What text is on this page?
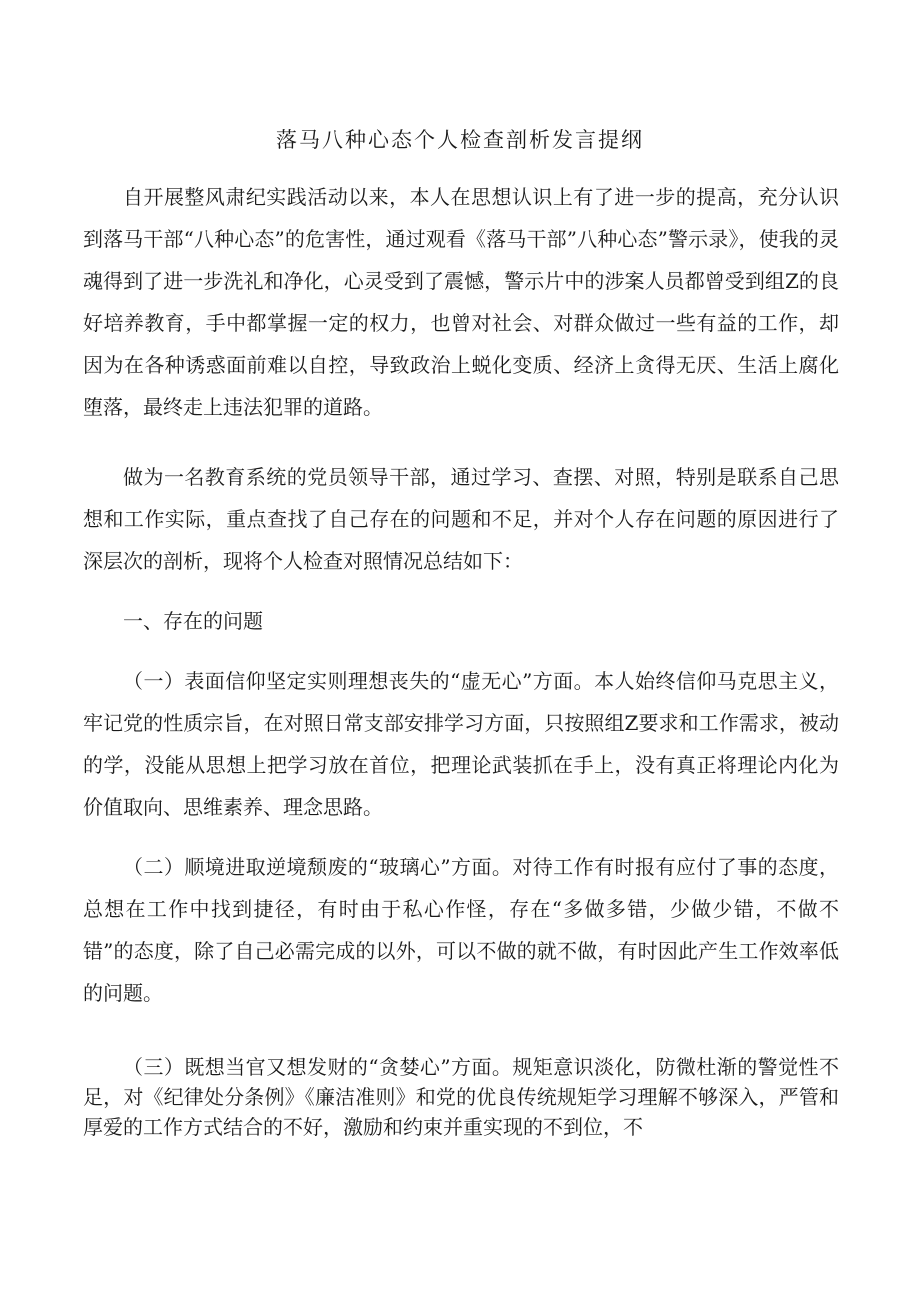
落马八种心态个人检查剖析发言提纲

自开展整风肃纪实践活动以来，本人在思想认识上有了进一步的提高，充分认识到落马干部“八种心态”的危害性，通过观看《落马干部”八种心态”警示录》，使我的灵魂得到了进一步洗礼和净化，心灵受到了震憾，警示片中的涉案人员都曾受到组Z的良好培养教育，手中都掌握一定的权力，也曾对社会、对群众做过一些有益的工作，却因为在各种诱惑面前难以自控，导致政治上蜕化变质、经济上贪得无厌、生活上腐化堕落，最终走上违法犯罪的道路。

做为一名教育系统的党员领导干部，通过学习、查摆、对照，特别是联系自己思想和工作实际，重点查找了自己存在的问题和不足，并对个人存在问题的原因进行了深层次的剖析，现将个人检查对照情况总结如下：

一、存在的问题

（一）表面信仰坚定实则理想丧失的“虚无心”方面。本人始终信仰马克思主义，牢记党的性质宗旨，在对照日常支部安排学习方面，只按照组Z要求和工作需求，被动的学，没能从思想上把学习放在首位，把理论武装抓在手上，没有真正将理论内化为价值取向、思维素养、理念思路。

（二）顺境进取逆境颓废的“玻璃心”方面。对待工作有时报有应付了事的态度，总想在工作中找到捷径，有时由于私心作怪，存在“多做多错，少做少错，不做不错”的态度，除了自己必需完成的以外，可以不做的就不做，有时因此产生工作效率低的问题。

（三）既想当官又想发财的“贪婪心”方面。规矩意识淡化，防微杜渐的警觉性不足，对《纪律处分条例》《廉洁准则》和党的优良传统规矩学习理解不够深入，严管和厚爱的工作方式结合的不好，激励和约束并重实现的不到位，不
